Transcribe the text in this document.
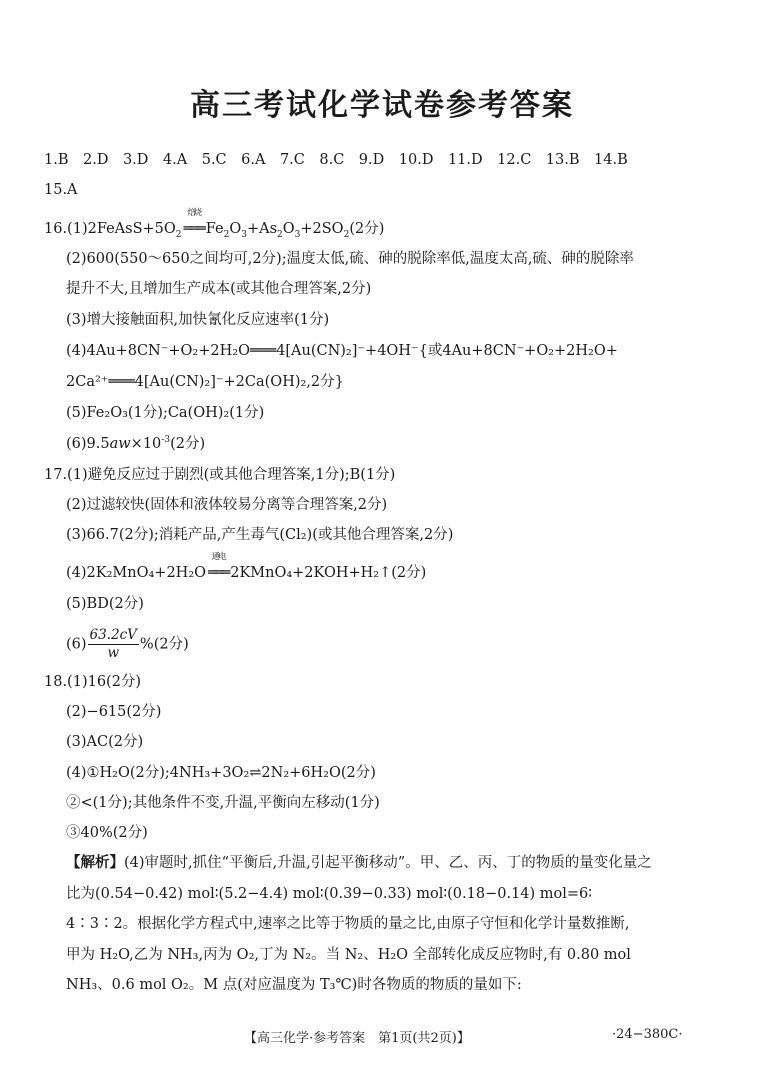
高三考试化学试卷参考答案
1.B　2.D　3.D　4.A　5.C　6.A　7.C　8.C　9.D　10.D　11.D　12.C　13.B　14.B
15.A
$16.(1)2FeAsS+5O_2$
焙烧
═══ $Fe_2O_3+As_2O_3+2SO_2(2$分)
(2)600(550～650之间均可,2分);温度太低,硫、砷的脱除率低,温度太高,硫、砷的脱除率
提升不大,且增加生产成本(或其他合理答案,2分)
(3)增大接触面积,加快氰化反应速率(1分)
(4)4Au+8CN⁻+O₂+2H₂O═══4[Au(CN)₂]⁻+4OH⁻{或4Au+8CN⁻+O₂+2H₂O+
2Ca²⁺═══4[Au(CN)₂]⁻+2Ca(OH)₂,2分}
(5)Fe₂O₃(1分);Ca(OH)₂(1分)
$(6)9.5aw\times 10^{-3}(2$分)
17.(1)避免反应过于剧烈(或其他合理答案,1分);B(1分)
(2)过滤较快(固体和液体较易分离等合理答案,2分)
(3)66.7(2分);消耗产品,产生毒气(Cl₂)(或其他合理答案,2分)
(4)2K₂MnO₄+2H₂O
通电
═══ 2KMnO₄+2KOH+H₂↑(2分)
(5)BD(2分)
$(6) \frac{63.2cV}{w} \%(2$分)
18.(1)16(2分)
(2)−615(2分)
(3)AC(2分)
(4)①H₂O(2分);4NH₃+3O₂⇌2N₂+6H₂O(2分)
②<(1分);其他条件不变,升温,平衡向左移动(1分)
③40%(2分)
【解析】(4)审题时,抓住“平衡后,升温,引起平衡移动”。甲、乙、丙、丁的物质的量变化量之
比为(0.54−0.42) mol∶(5.2−4.4) mol∶(0.39−0.33) mol∶(0.18−0.14) mol=6∶
4∶3∶2。根据化学方程式中,速率之比等于物质的量之比,由原子守恒和化学计量数推断,
甲为 H₂O,乙为 NH₃,丙为 O₂,丁为 N₂。当 N₂、H₂O 全部转化成反应物时,有 0.80 mol
NH₃、0.6 mol O₂。M 点(对应温度为 T₃℃)时各物质的物质的量如下:
【高三化学·参考答案　第1页(共2页)】	·24−380C·
